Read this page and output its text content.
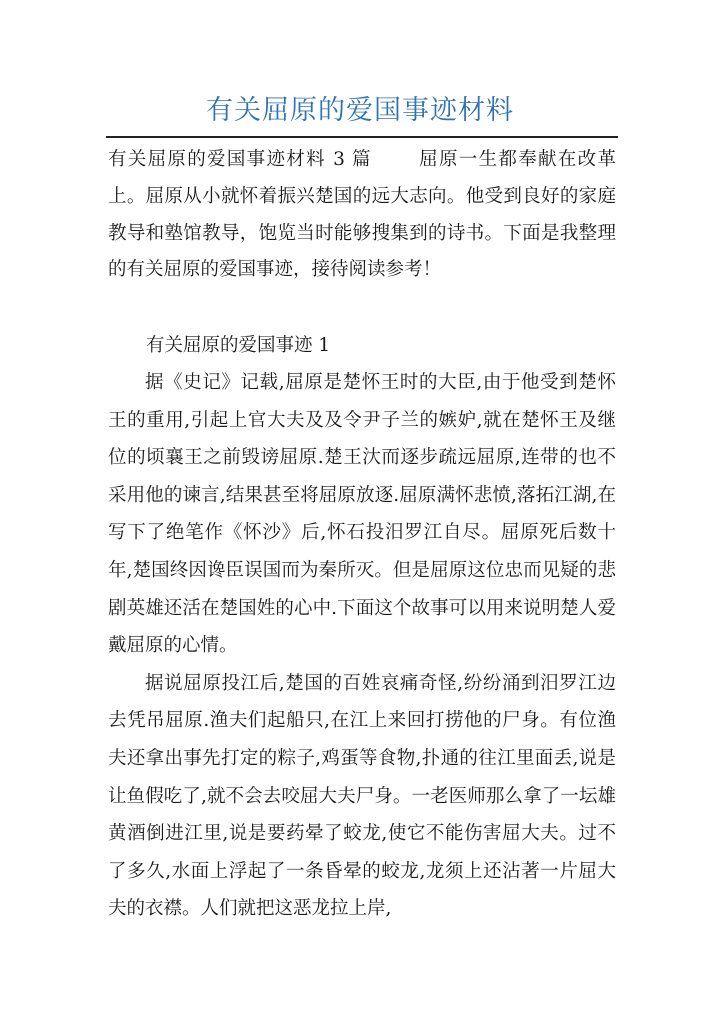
有关屈原的爱国事迹材料
有关屈原的爱国事迹材料 3 篇 屈原一生都奉献在改革上。屈原从小就怀着振兴楚国的远大志向。他受到良好的家庭教导和塾馆教导，饱览当时能够搜集到的诗书。下面是我整理的有关屈原的爱国事迹，接待阅读参考！
有关屈原的爱国事迹 1

据《史记》记载,屈原是楚怀王时的大臣,由于他受到楚怀王的重用,引起上官大夫及及令尹子兰的嫉妒,就在楚怀王及继位的顷襄王之前毁谤屈原.楚王汏而逐步疏远屈原,连带的也不采用他的谏言,结果甚至将屈原放逐.屈原满怀悲愤,落拓江湖,在写下了绝笔作《怀沙》后,怀石投汨罗江自尽。屈原死后数十年,楚国终因谗臣误国而为秦所灭。但是屈原这位忠而见疑的悲剧英雄还活在楚国姓的心中.下面这个故事可以用来说明楚人爱戴屈原的心情。

据说屈原投江后,楚国的百姓哀痛奇怪,纷纷涌到汨罗江边去凭吊屈原.渔夫们起船只,在江上来回打捞他的尸身。有位渔夫还拿出事先打定的粽子,鸡蛋等食物,扑通的往江里面丢,说是让鱼假吃了,就不会去咬屈大夫尸身。一老医师那么拿了一坛雄黄酒倒进江里,说是要药晕了蛟龙,使它不能伤害屈大夫。过不了多久,水面上浮起了一条昏晕的蛟龙,龙须上还沾著一片屈大夫的衣襟。人们就把这恶龙拉上岸,
